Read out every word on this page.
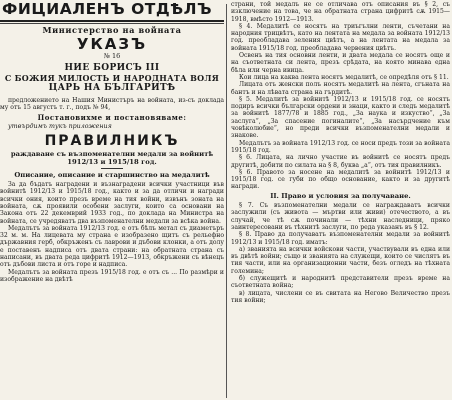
ФИЦИАЛЕНЪ ОТДѢЛЪ
Министерство на войната
УКАЗЪ
№ 16
НИЕ БОРИСЪ III
С БОЖИЯ МИЛОСТЬ И НАРОДНАТА ВОЛЯ
ЦАРЬ НА БЪЛГАРИТѢ

предложението на Нашия Министъръ на войната, из-съ доклада му отъ 15 августъ т. г., подъ № 94,

Постановихме и постановяваме:
утвърдимъ тукъ приложения
ПРАВИЛНИКЪ
раждаване съ възпоменателни медали за войнитѣ 1912/13 и 1915/18 год.
Описание, описание и старшинство на медалитѣ

За да бъдатъ наградени и възнаградени всички участници във войнитѣ 1912/13 и 1915/18 год., както и за да отличи и награди всички ония, които презъ време на тия войни, извънъ зоната на войната, сѫ проявили особени заслуги, които са основани на Закона отъ 22 декемврий 1933 год., по доклада на Министра на войната, се учредяватъ два възпоменателни медали за всѣка война.

Медалътъ за войната 1912/13 год. е отъ бѣлъ метал съ диаметъръ 32 м. м. На лицевата му страна е изобразено щитъ съ рельефно държавния герб, обкръженъ съ лаврови и дъбови клонки, а отъ долу е поставенъ надписа отъ двата страни: на обратната страна съ написани, въ двата реда цифритѣ 1912—1913, обкръжени съ вѣнецъ отъ дъбови листа и отъ горе и надписа.

Медалътъ за войната презъ 1915/18 год. е отъ съ ... По размѣри и изображение на двѣтѣ

страни, той медалъ не се отличава отъ описания въ § 2, съ изключение на това, че на обратната страна цифритѣ сѫ 1915—1918, вмѣсто 1912—1913.

§ 4. Медалитѣ се носятъ на триъгълни ленти, съчетани на народния трицвѣтъ, като на лентата на медала за войната 1912/13 год. преобладава зеления цвѣтъ, а на лентата на медала за войната 1915/18 год. преобладава червения цвѣтъ.

Освенъ на тия основни ленти, и двата медала се носятъ още и на съответната си лента, презъ срѣдата, на която минава една бѣла или черна ивица.

Кои лица на каква лента носятъ медалитѣ, се опредѣля отъ § 11.

Лицата отъ женски полъ носятъ медалитѣ на лента, сгъната на бантъ и на лѣвата страна на гърдитѣ.

§ 5. Медалитѣ за войнитѣ 1912/13 и 1915/18 год. се носятъ подиръ всички български ордени и знаци, както и следъ медалитѣ за войнитѣ 1877/78 и 1885 год., „За наука и изкуство“, „За заслуга“, „За спасение погиналите“, „За насърдчение към човѣколюбие“, но преди всички възпоменателни медали и знакове.

Медалътъ за войната 1912/13 год. се носи предъ този за войната 1915/18 год.

§ 6. Лицата, на лично участие въ войнитѣ се носятъ предъ другитѣ, добити по силата на § 8, буква „а“, отъ тия правилникъ.

§ 6. Правото за носене на медалитѣ за войнитѣ 1912/13 и 1915/18 год. се губи по общо основание, както и за другитѣ награди.

II. Право и условия за получаване.

§ 7. Съ възпоменателни медали се награждаватъ всички заслужили (съ живота — мъртви или живи) отечеството, а въ случай, че тѣ сѫ починали — тѣхни наследници, пряко заинтересовани въ тѣхнитѣ заслуги, по реда указанъ въ § 12.

§ 8. Право да получаватъ възпоменателни медали за войнитѣ 1912/13 и 1915/18 год. иматъ:

а) званията на всички войскови части, участвували въ една или въ двѣтѣ войни; също и званията на служещи, които се числятъ въ тия части, или на организационни части, безъ огледъ на тѣхната големина;

б) служещитѣ и народнитѣ представители презъ време на съответната война;

в) лицата, числени се въ свитата на Негово Величество презъ тия войни;
